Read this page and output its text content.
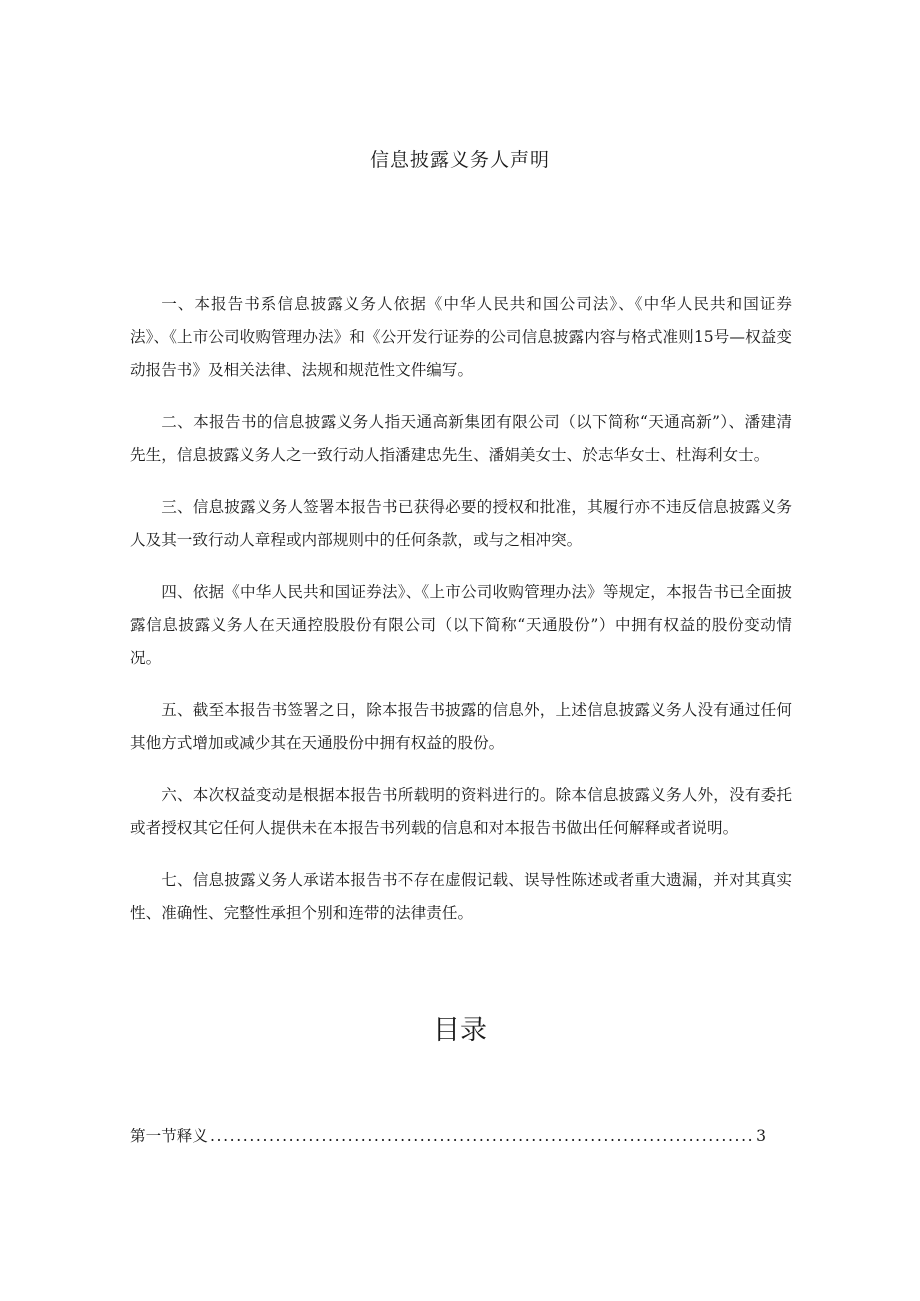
信息披露义务人声明

一、本报告书系信息披露义务人依据《中华人民共和国公司法》、《中华人民共和国证券法》、《上市公司收购管理办法》和《公开发行证券的公司信息披露内容与格式准则15号—权益变动报告书》及相关法律、法规和规范性文件编写。

二、本报告书的信息披露义务人指天通高新集团有限公司（以下简称“天通高新”）、潘建清先生，信息披露义务人之一致行动人指潘建忠先生、潘娟美女士、於志华女士、杜海利女士。

三、信息披露义务人签署本报告书已获得必要的授权和批准，其履行亦不违反信息披露义务人及其一致行动人章程或内部规则中的任何条款，或与之相冲突。

四、依据《中华人民共和国证券法》、《上市公司收购管理办法》等规定，本报告书已全面披露信息披露义务人在天通控股股份有限公司（以下简称“天通股份”）中拥有权益的股份变动情况。

五、截至本报告书签署之日，除本报告书披露的信息外，上述信息披露义务人没有通过任何其他方式增加或减少其在天通股份中拥有权益的股份。

六、本次权益变动是根据本报告书所载明的资料进行的。除本信息披露义务人外，没有委托或者授权其它任何人提供未在本报告书列载的信息和对本报告书做出任何解释或者说明。

七、信息披露义务人承诺本报告书不存在虚假记载、误导性陈述或者重大遗漏，并对其真实性、准确性、完整性承担个别和连带的法律责任。

目录
第一节释义
.....	3
